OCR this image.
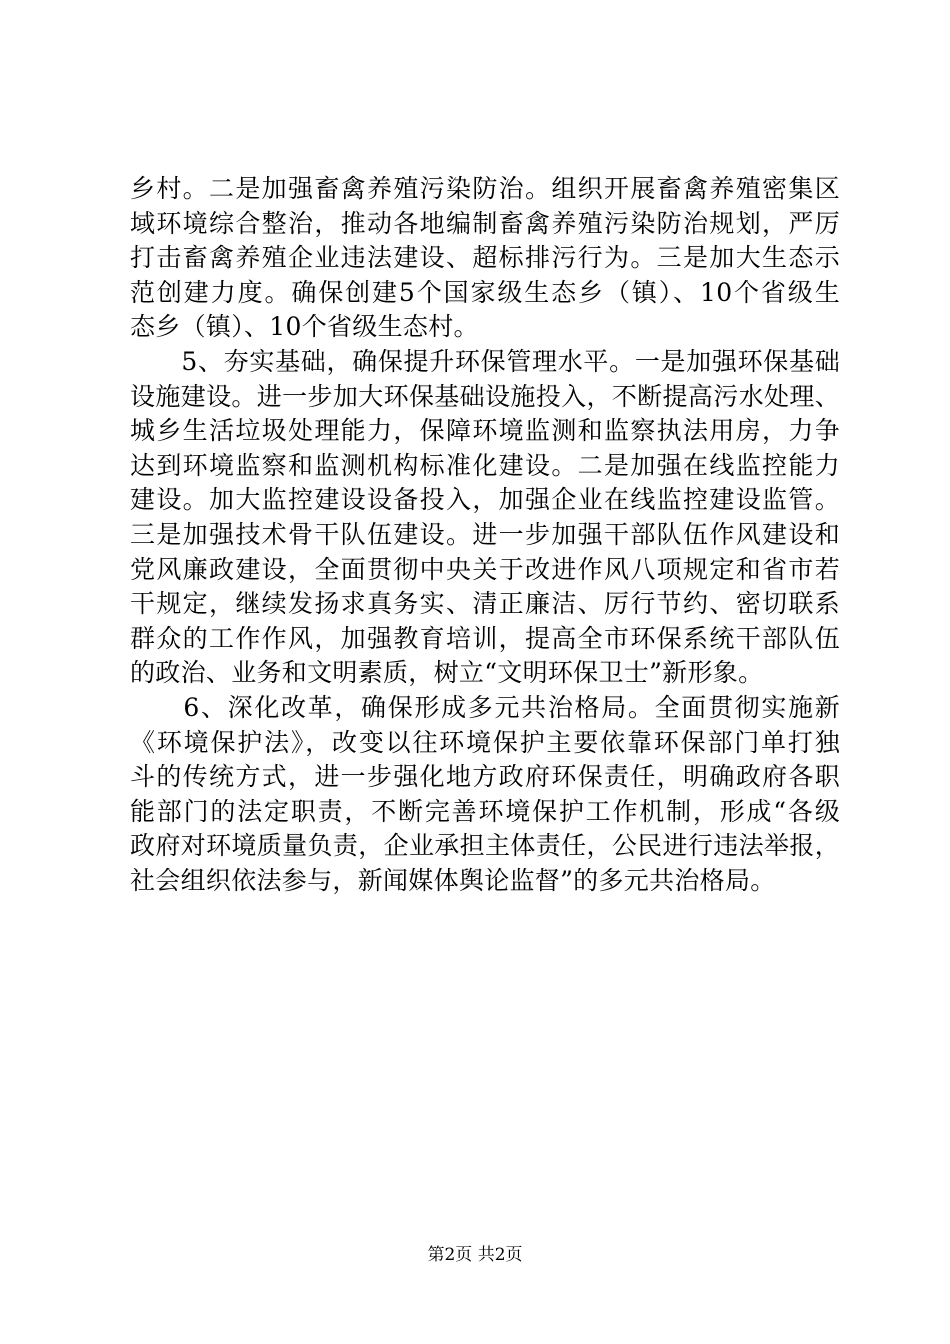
乡村。二是加强畜禽养殖污染防治。组织开展畜禽养殖密集区
域环境综合整治，推动各地编制畜禽养殖污染防治规划，严厉
打击畜禽养殖企业违法建设、超标排污行为。三是加大生态示
范创建力度。确保创建5个国家级生态乡（镇）、10个省级生
态乡（镇）、10个省级生态村。
　　5、夯实基础，确保提升环保管理水平。一是加强环保基础
设施建设。进一步加大环保基础设施投入，不断提高污水处理、
城乡生活垃圾处理能力，保障环境监测和监察执法用房，力争
达到环境监察和监测机构标准化建设。二是加强在线监控能力
建设。加大监控建设设备投入，加强企业在线监控建设监管。
三是加强技术骨干队伍建设。进一步加强干部队伍作风建设和
党风廉政建设，全面贯彻中央关于改进作风八项规定和省市若
干规定，继续发扬求真务实、清正廉洁、厉行节约、密切联系
群众的工作作风，加强教育培训，提高全市环保系统干部队伍
的政治、业务和文明素质，树立“文明环保卫士”新形象。
　　6、深化改革，确保形成多元共治格局。全面贯彻实施新
《环境保护法》，改变以往环境保护主要依靠环保部门单打独
斗的传统方式，进一步强化地方政府环保责任，明确政府各职
能部门的法定职责，不断完善环境保护工作机制，形成“各级
政府对环境质量负责，企业承担主体责任，公民进行违法举报，
社会组织依法参与，新闻媒体舆论监督”的多元共治格局。
第2页 共2页
